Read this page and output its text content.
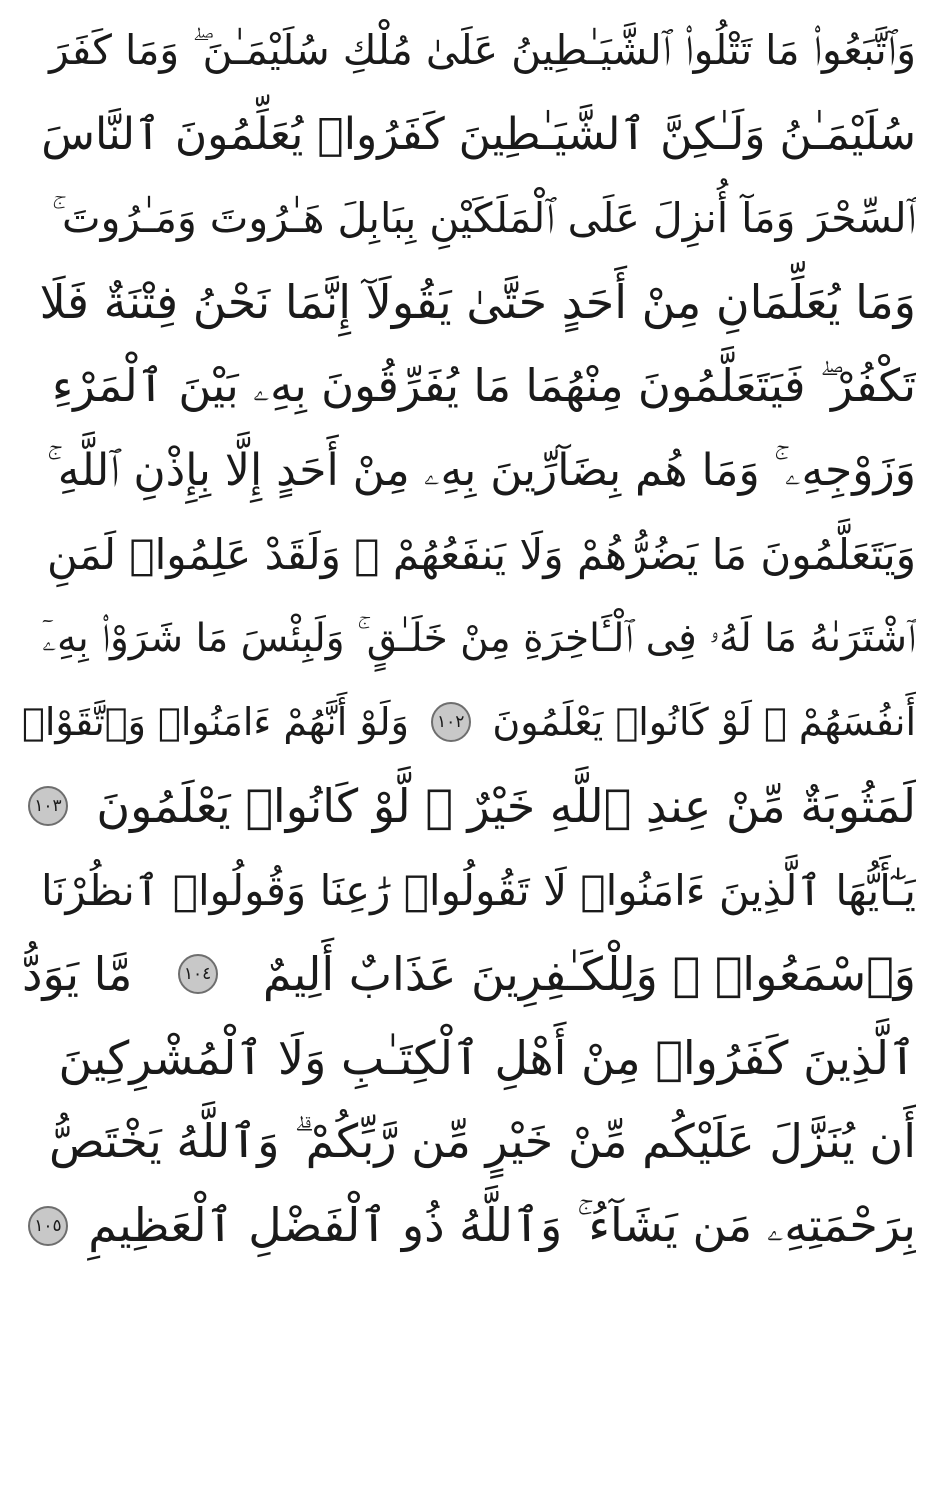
وَٱتَّبَعُوا۟ مَا تَتْلُوا۟ ٱلشَّيَـٰطِينُ عَلَىٰ مُلْكِ سُلَيْمَـٰنَ ۖ وَمَا كَفَرَ
سُلَيْمَـٰنُ وَلَـٰكِنَّ ٱلشَّيَـٰطِينَ كَفَرُوا۟ يُعَلِّمُونَ ٱلنَّاسَ
ٱلسِّحْرَ وَمَآ أُنزِلَ عَلَى ٱلْمَلَكَيْنِ بِبَابِلَ هَـٰرُوتَ وَمَـٰرُوتَ ۚ
وَمَا يُعَلِّمَانِ مِنْ أَحَدٍ حَتَّىٰ يَقُولَآ إِنَّمَا نَحْنُ فِتْنَةٌ فَلَا
تَكْفُرْ ۖ فَيَتَعَلَّمُونَ مِنْهُمَا مَا يُفَرِّقُونَ بِهِۦ بَيْنَ ٱلْمَرْءِ
وَزَوْجِهِۦ ۚ وَمَا هُم بِضَآرِّينَ بِهِۦ مِنْ أَحَدٍ إِلَّا بِإِذْنِ ٱللَّهِ ۚ
وَيَتَعَلَّمُونَ مَا يَضُرُّهُمْ وَلَا يَنفَعُهُمْ ۚ وَلَقَدْ عَلِمُوا۟ لَمَنِ
ٱشْتَرَىٰهُ مَا لَهُۥ فِى ٱلْـَٔاخِرَةِ مِنْ خَلَـٰقٍ ۚ وَلَبِئْسَ مَا شَرَوْا۟ بِهِۦٓ
أَنفُسَهُمْ ۚ لَوْ كَانُوا۟ يَعْلَمُونَ
١٠٢
وَلَوْ أَنَّهُمْ ءَامَنُوا۟ وَٱتَّقَوْا۟
لَمَثُوبَةٌ مِّنْ عِندِ ٱللَّهِ خَيْرٌ ۖ لَّوْ كَانُوا۟ يَعْلَمُونَ
١٠٣
يَـٰٓأَيُّهَا ٱلَّذِينَ ءَامَنُوا۟ لَا تَقُولُوا۟ رَٰعِنَا وَقُولُوا۟ ٱنظُرْنَا
وَٱسْمَعُوا۟ ۗ وَلِلْكَـٰفِرِينَ عَذَابٌ أَلِيمٌ
١٠٤
مَّا يَوَدُّ
ٱلَّذِينَ كَفَرُوا۟ مِنْ أَهْلِ ٱلْكِتَـٰبِ وَلَا ٱلْمُشْرِكِينَ
أَن يُنَزَّلَ عَلَيْكُم مِّنْ خَيْرٍ مِّن رَّبِّكُمْ ۗ وَٱللَّهُ يَخْتَصُّ
بِرَحْمَتِهِۦ مَن يَشَآءُ ۚ وَٱللَّهُ ذُو ٱلْفَضْلِ ٱلْعَظِيمِ
١٠٥
